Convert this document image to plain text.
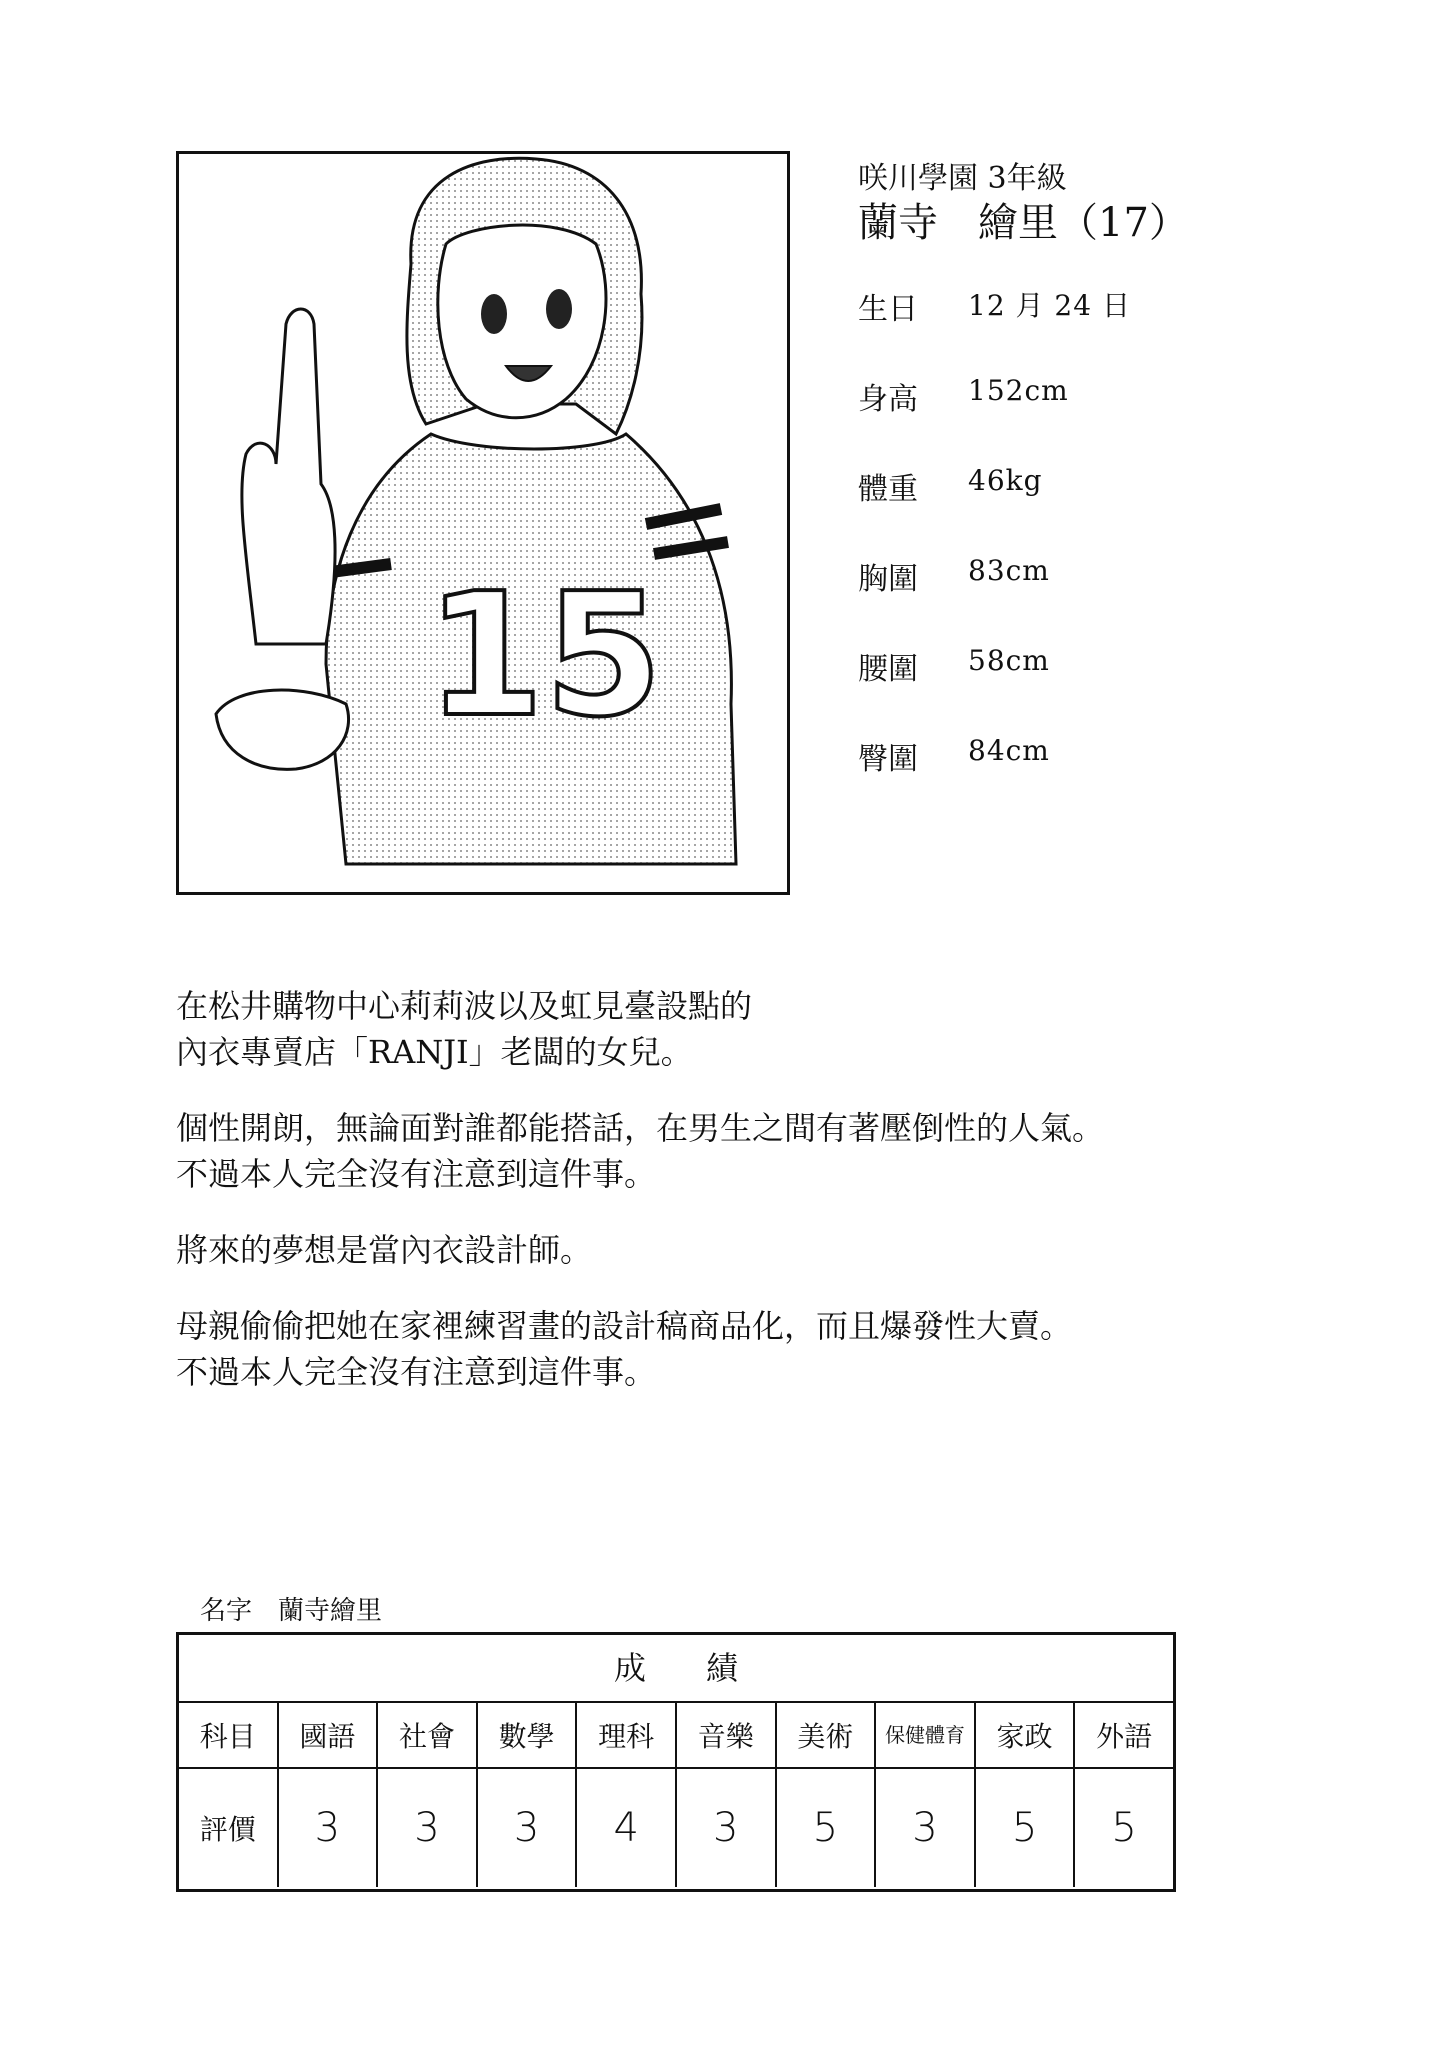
15

咲川學園 3年級

蘭寺　繪里（17）

生日	12 月 24 日
身高	152cm
體重	46kg
胸圍	83cm
腰圍	58cm
臀圍	84cm

在松井購物中心莉莉波以及虹見臺設點的
內衣專賣店「RANJI」老闆的女兒。

個性開朗，無論面對誰都能搭話，在男生之間有著壓倒性的人氣。
不過本人完全沒有注意到這件事。

將來的夢想是當內衣設計師。

母親偷偷把她在家裡練習畫的設計稿商品化，而且爆發性大賣。
不過本人完全沒有注意到這件事。

名字　蘭寺繪里
成績
科目	國語	社會	數學	理科	音樂	美術	保健 體育	家政	外語
評價	3	3	3	4	3	5	3	5	5
